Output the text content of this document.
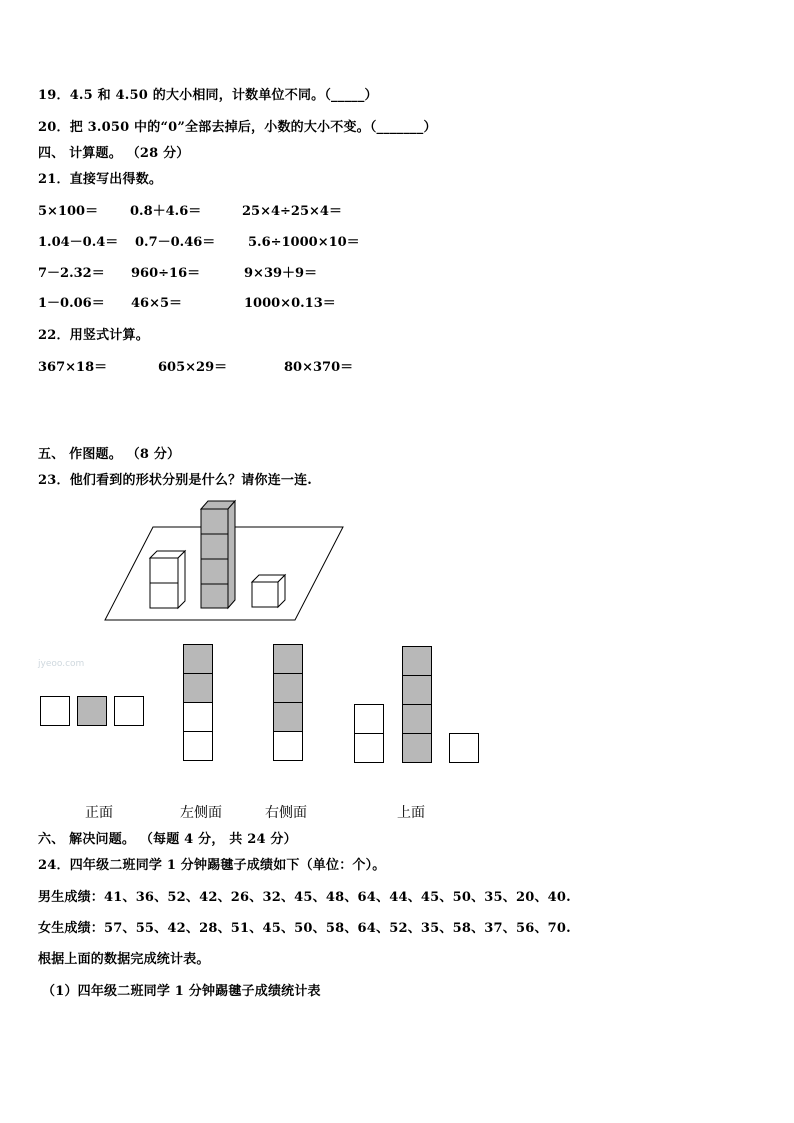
19．4.5 和 4.50 的大小相同，计数单位不同。（_____）
20．把 3.050 中的“0”全部去掉后，小数的大小不变。（_______）
四、 计算题。 （28 分）
21．直接写出得数。
5×100＝ 0.8＋4.6＝	25×4÷25×4＝
1.04－0.4＝ 0.7－0.46＝	5.6÷1000×10＝
7－2.32＝ 960÷16＝	9×39＋9＝
1－0.06＝ 46×5＝	1000×0.13＝
22．用竖式计算。
367×18＝	605×29＝	80×370＝
五、 作图题。 （8 分）
23．他们看到的形状分别是什么？请你连一连.
jyeoo.com
正面	左侧面	右侧面	上面
六、 解决问题。 （每题 4 分， 共 24 分）
24．四年级二班同学 1 分钟踢毽子成绩如下（单位：个）。
男生成绩：41、36、52、42、26、32、45、48、64、44、45、50、35、20、40.
女生成绩：57、55、42、28、51、45、50、58、64、52、35、58、37、56、70.
根据上面的数据完成统计表。
（1）四年级二班同学 1 分钟踢毽子成绩统计表
